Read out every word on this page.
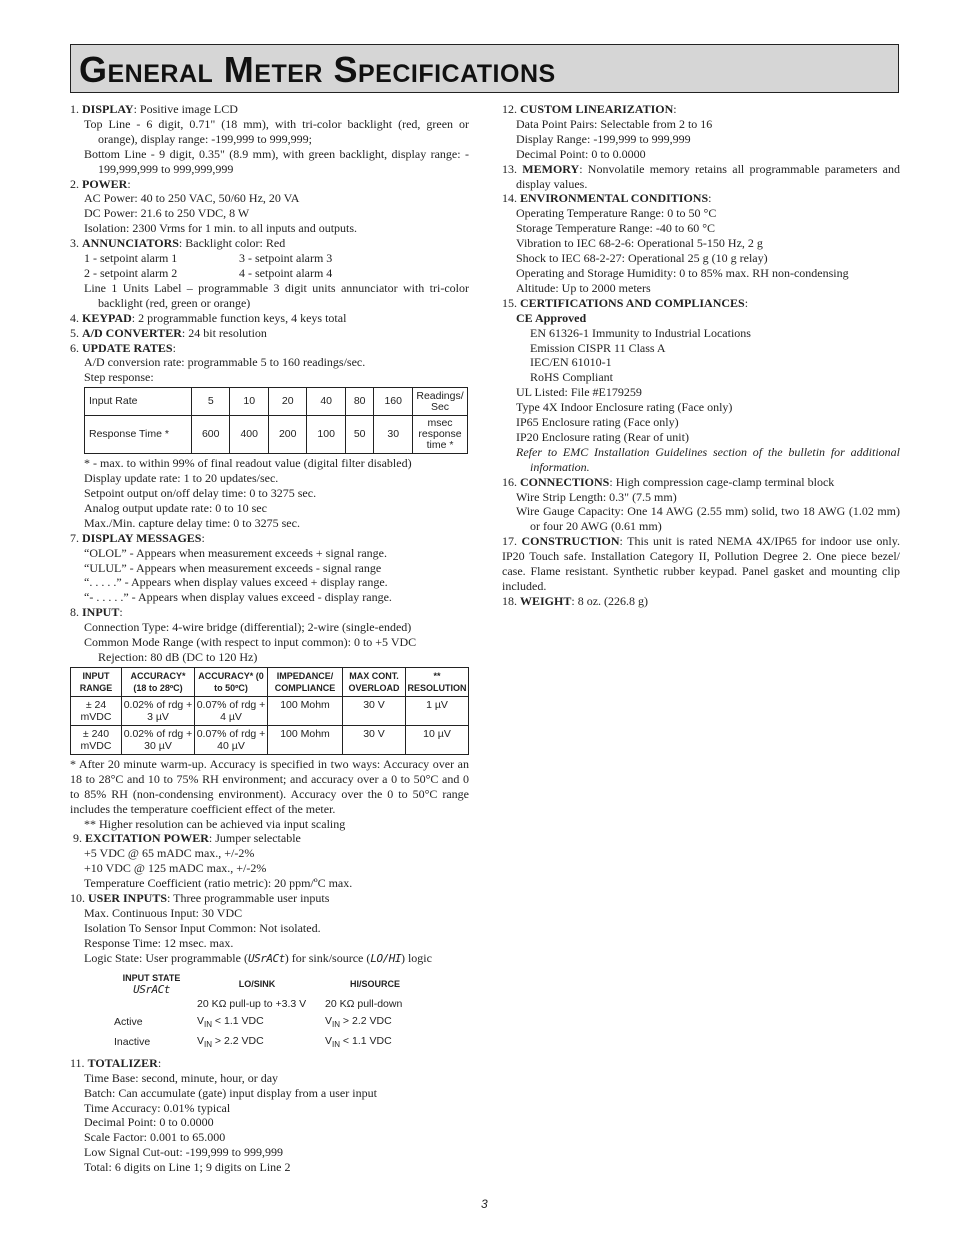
General Meter Specifications

1. DISPLAY: Positive image LCD

Top Line - 6 digit, 0.71" (18 mm), with tri-color backlight (red, green or orange), display range: -199,999 to 999,999;

Bottom Line - 9 digit, 0.35" (8.9 mm), with green backlight, display range: - 199,999,999 to 999,999,999

2. POWER:

AC Power: 40 to 250 VAC, 50/60 Hz, 20 VA

DC Power: 21.6 to 250 VDC, 8 W

Isolation: 2300 Vrms for 1 min. to all inputs and outputs.

3. ANNUNCIATORS: Backlight color: Red

1 - setpoint alarm 1	3 - setpoint alarm 3

2 - setpoint alarm 2	4 - setpoint alarm 4

Line 1 Units Label – programmable 3 digit units annunciator with tri-color backlight (red, green or orange)

4. KEYPAD: 2 programmable function keys, 4 keys total

5. A/D CONVERTER: 24 bit resolution

6. UPDATE RATES:

A/D conversion rate: programmable 5 to 160 readings/sec.

Step response:

Input Rate	5	10	20	40	80	160	Readings/ Sec
Response Time *	600	400	200	100	50	30	msec response time *

* - max. to within 99% of final readout value (digital filter disabled)

Display update rate: 1 to 20 updates/sec.

Setpoint output on/off delay time: 0 to 3275 sec.

Analog output update rate: 0 to 10 sec

Max./Min. capture delay time: 0 to 3275 sec.

7. DISPLAY MESSAGES:

“OLOL” - Appears when measurement exceeds + signal range.

“ULUL” - Appears when measurement exceeds - signal range

“. . . . .” - Appears when display values exceed + display range.

“- . . . . .” - Appears when display values exceed - display range.

8. INPUT:

Connection Type: 4-wire bridge (differential); 2-wire (single-ended)

Common Mode Range (with respect to input common): 0 to +5 VDC

Rejection: 80 dB (DC to 120 Hz)

INPUT RANGE	ACCURACY* (18 to 28ºC)	ACCURACY* (0 to 50ºC)	IMPEDANCE/ COMPLIANCE	MAX CONT. OVERLOAD	** RESOLUTION
± 24 mVDC	0.02% of rdg + 3 µV	0.07% of rdg + 4 µV	100 Mohm	30 V	1 µV
± 240 mVDC	0.02% of rdg + 30 µV	0.07% of rdg + 40 µV	100 Mohm	30 V	10 µV

* After 20 minute warm-up. Accuracy is specified in two ways: Accuracy over an 18 to 28°C and 10 to 75% RH environment; and accuracy over a 0 to 50°C and 0 to 85% RH (non-condensing environment). Accuracy over the 0 to 50°C range includes the temperature coefficient effect of the meter.

** Higher resolution can be achieved via input scaling

9. EXCITATION POWER: Jumper selectable

+5 VDC @ 65 mADC max., +/-2%

+10 VDC @ 125 mADC max., +/-2%

Temperature Coefficient (ratio metric): 20 ppm/ºC max.

10. USER INPUTS: Three programmable user inputs

Max. Continuous Input: 30 VDC

Isolation To Sensor Input Common: Not isolated.

Response Time: 12 msec. max.

Logic State: User programmable (USrACt) for sink/source (LO/HI) logic

INPUT STATE
USrACt	LO/SINK	HI/SOURCE
	20 KΩ pull-up to +3.3 V	20 KΩ pull-down
Active	$V_{IN} < 1.1$ VDC	$V_{IN} > 2.2$ VDC
Inactive	$V_{IN} > 2.2$ VDC	$V_{IN} < 1.1$ VDC

11. TOTALIZER:

Time Base: second, minute, hour, or day

Batch: Can accumulate (gate) input display from a user input

Time Accuracy: 0.01% typical

Decimal Point: 0 to 0.0000

Scale Factor: 0.001 to 65.000

Low Signal Cut-out: -199,999 to 999,999

Total: 6 digits on Line 1; 9 digits on Line 2

12. CUSTOM LINEARIZATION:

Data Point Pairs: Selectable from 2 to 16

Display Range: -199,999 to 999,999

Decimal Point: 0 to 0.0000

13. MEMORY: Nonvolatile memory retains all programmable parameters and display values.

14. ENVIRONMENTAL CONDITIONS:

Operating Temperature Range: 0 to 50 °C

Storage Temperature Range: -40 to 60 °C

Vibration to IEC 68-2-6: Operational 5-150 Hz, 2 g

Shock to IEC 68-2-27: Operational 25 g (10 g relay)

Operating and Storage Humidity: 0 to 85% max. RH non-condensing

Altitude: Up to 2000 meters

15. CERTIFICATIONS AND COMPLIANCES:

CE Approved

EN 61326-1 Immunity to Industrial Locations

Emission CISPR 11 Class A

IEC/EN 61010-1

RoHS Compliant

UL Listed: File #E179259

Type 4X Indoor Enclosure rating (Face only)

IP65 Enclosure rating (Face only)

IP20 Enclosure rating (Rear of unit)

Refer to EMC Installation Guidelines section of the bulletin for additional information.

16. CONNECTIONS: High compression cage-clamp terminal block

Wire Strip Length: 0.3" (7.5 mm)

Wire Gauge Capacity: One 14 AWG (2.55 mm) solid, two 18 AWG (1.02 mm) or four 20 AWG (0.61 mm)

17. CONSTRUCTION: This unit is rated NEMA 4X/IP65 for indoor use only. IP20 Touch safe. Installation Category II, Pollution Degree 2. One piece bezel/ case. Flame resistant. Synthetic rubber keypad. Panel gasket and mounting clip included.

18. WEIGHT: 8 oz. (226.8 g)

3
